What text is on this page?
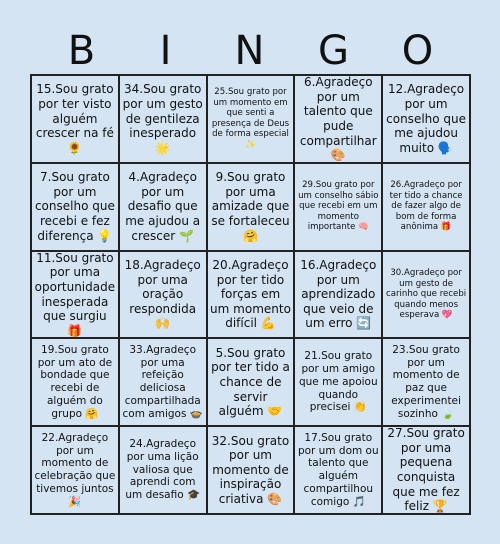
B	I	N	G	O
15.Sou grato por ter visto alguém crescer na fé 🌻
34.Sou grato por um gesto de gentileza inesperado 🌟
25.Sou grato por um momento em que senti a presença de Deus de forma especial ✨
6.Agradeço por um talento que pude compartilhar 🎨
12.Agradeço por um conselho que me ajudou muito 🗣️
7.Sou grato por um conselho que recebi e fez diferença 💡
4.Agradeço por um desafio que me ajudou a crescer 🌱
9.Sou grato por uma amizade que se fortaleceu 🤗
29.Sou grato por um conselho sábio que recebi em um momento importante 🧠
26.Agradeço por ter tido a chance de fazer algo de bom de forma anônima 🎁
11.Sou grato por uma oportunidade inesperada que surgiu 🎁
18.Agradeço por uma oração respondida 🙌
20.Agradeço por ter tido forças em um momento difícil 💪
16.Agradeço por um aprendizado que veio de um erro 🔄
30.Agradeço por um gesto de carinho que recebi quando menos esperava 💖
19.Sou grato por um ato de bondade que recebi de alguém do grupo 🤗
33.Agradeço por uma refeição deliciosa compartilhada com amigos 🍲
5.Sou grato por ter tido a chance de servir alguém 🤝
21.Sou grato por um amigo que me apoiou quando precisei 👏
23.Sou grato por um momento de paz que experimentei sozinho 🍃
22.Agradeço por um momento de celebração que tivemos juntos 🎉
24.Agradeço por uma lição valiosa que aprendi com um desafio 🎓
32.Sou grato por um momento de inspiração criativa 🎨
17.Sou grato por um dom ou talento que alguém compartilhou comigo 🎵
27.Sou grato por uma pequena conquista que me fez feliz 🏆
